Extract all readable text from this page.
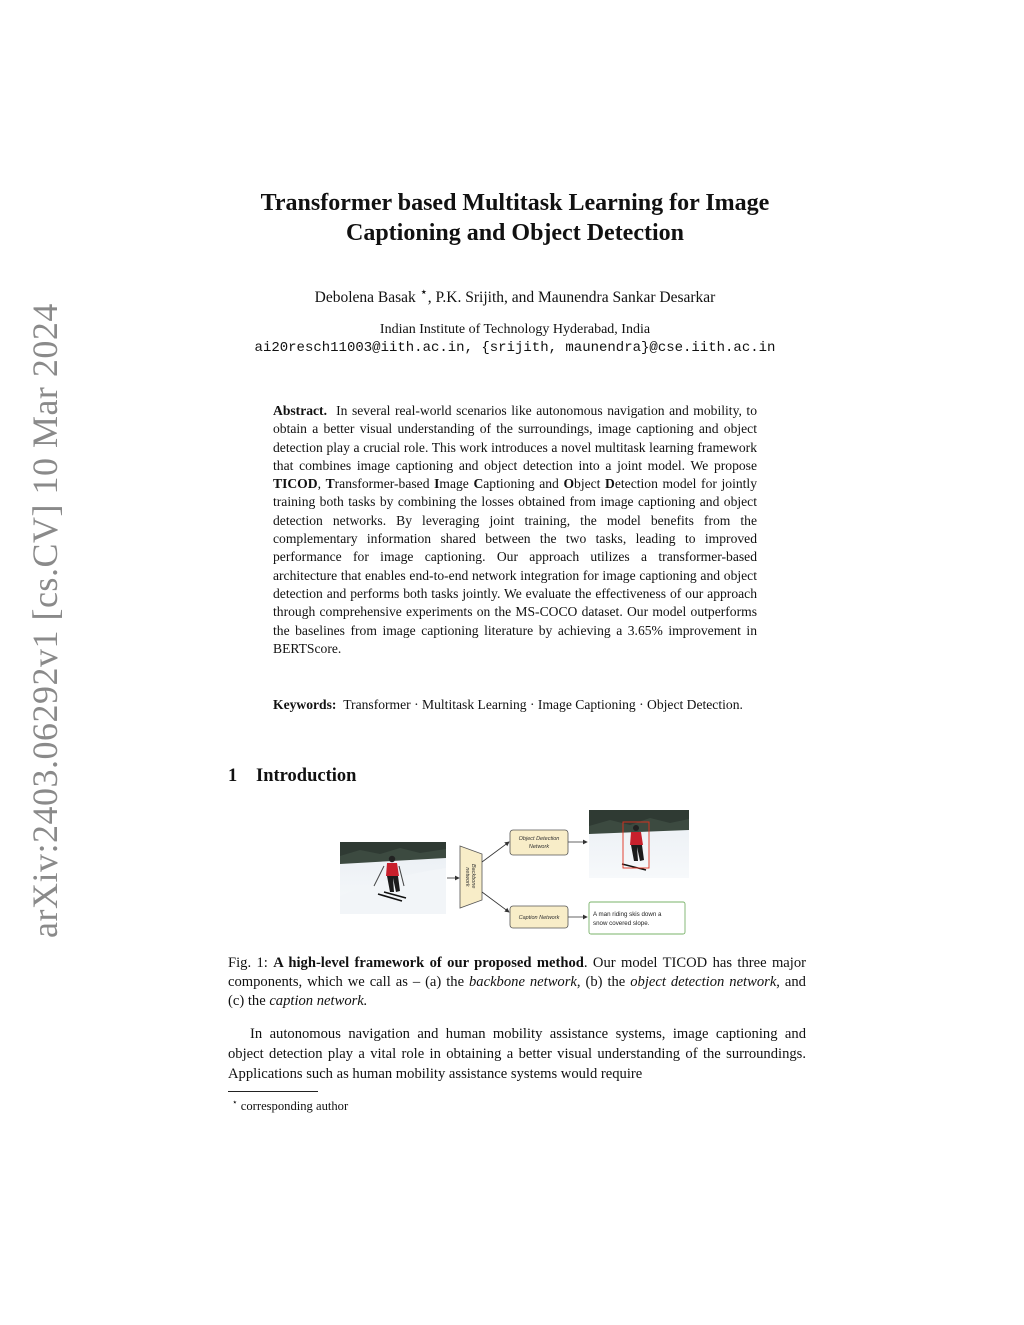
arXiv:2403.06292v1 [cs.CV] 10 Mar 2024
Transformer based Multitask Learning for Image
Captioning and Object Detection
Debolena Basak ⋆, P.K. Srijith, and Maunendra Sankar Desarkar
Indian Institute of Technology Hyderabad, India
ai20resch11003@iith.ac.in, {srijith, maunendra}@cse.iith.ac.in
Abstract. In several real-world scenarios like autonomous navigation and mobility, to obtain a better visual understanding of the surroundings, image captioning and object detection play a crucial role. This work introduces a novel multitask learning framework that combines image captioning and object detection into a joint model. We propose TICOD, Transformer-based Image Captioning and Object Detection model for jointly training both tasks by combining the losses obtained from image captioning and object detection networks. By leveraging joint training, the model benefits from the complementary information shared between the two tasks, leading to improved performance for image captioning. Our approach utilizes a transformer-based architecture that enables end-to-end network integration for image captioning and object detection and performs both tasks jointly. We evaluate the effectiveness of our approach through comprehensive experiments on the MS-COCO dataset. Our model outperforms the baselines from image captioning literature by achieving a 3.65% improvement in BERTScore.
Keywords: Transformer · Multitask Learning · Image Captioning · Object Detection.
1 Introduction
Backbone network
Object Detection
Network
Caption Network	A man riding skis down a
snow covered slope.
Fig. 1: A high-level framework of our proposed method. Our model TICOD has three major components, which we call as – (a) the backbone network, (b) the object detection network, and (c) the caption network.
In autonomous navigation and human mobility assistance systems, image captioning and object detection play a vital role in obtaining a better visual understanding of the surroundings. Applications such as human mobility assistance systems would require
⋆ corresponding author
